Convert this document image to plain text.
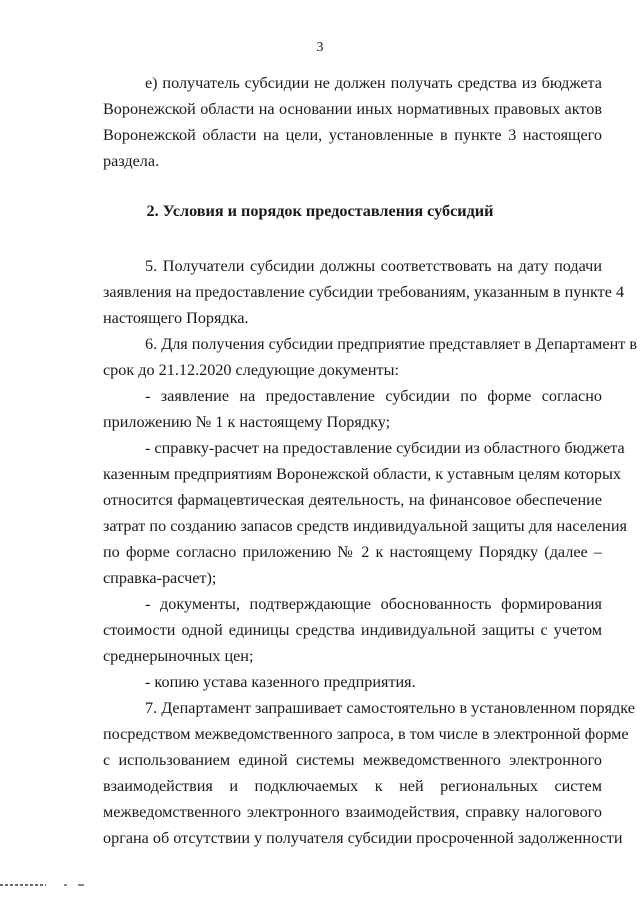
3
е) получатель субсидии не должен получать средства из бюджета
Воронежской области на основании иных нормативных правовых актов
Воронежской области на цели, установленные в пункте 3 настоящего
раздела.
2. Условия и порядок предоставления субсидий
5. Получатели субсидии должны соответствовать на дату подачи
заявления на предоставление субсидии требованиям, указанным в пункте 4
настоящего Порядка.
6. Для получения субсидии предприятие представляет в Департамент в
срок до 21.12.2020 следующие документы:
- заявление на предоставление субсидии по форме согласно
приложению № 1 к настоящему Порядку;
- справку-расчет на предоставление субсидии из областного бюджета
казенным предприятиям Воронежской области, к уставным целям которых
относится фармацевтическая деятельность, на финансовое обеспечение
затрат по созданию запасов средств индивидуальной защиты для населения
по форме согласно приложению № 2 к настоящему Порядку (далее –
справка-расчет);
- документы, подтверждающие обоснованность формирования
стоимости одной единицы средства индивидуальной защиты с учетом
среднерыночных цен;
- копию устава казенного предприятия.
7. Департамент запрашивает самостоятельно в установленном порядке
посредством межведомственного запроса, в том числе в электронной форме
с использованием единой системы межведомственного электронного
взаимодействия и подключаемых к ней региональных систем
межведомственного электронного взаимодействия, справку налогового
органа об отсутствии у получателя субсидии просроченной задолженности
